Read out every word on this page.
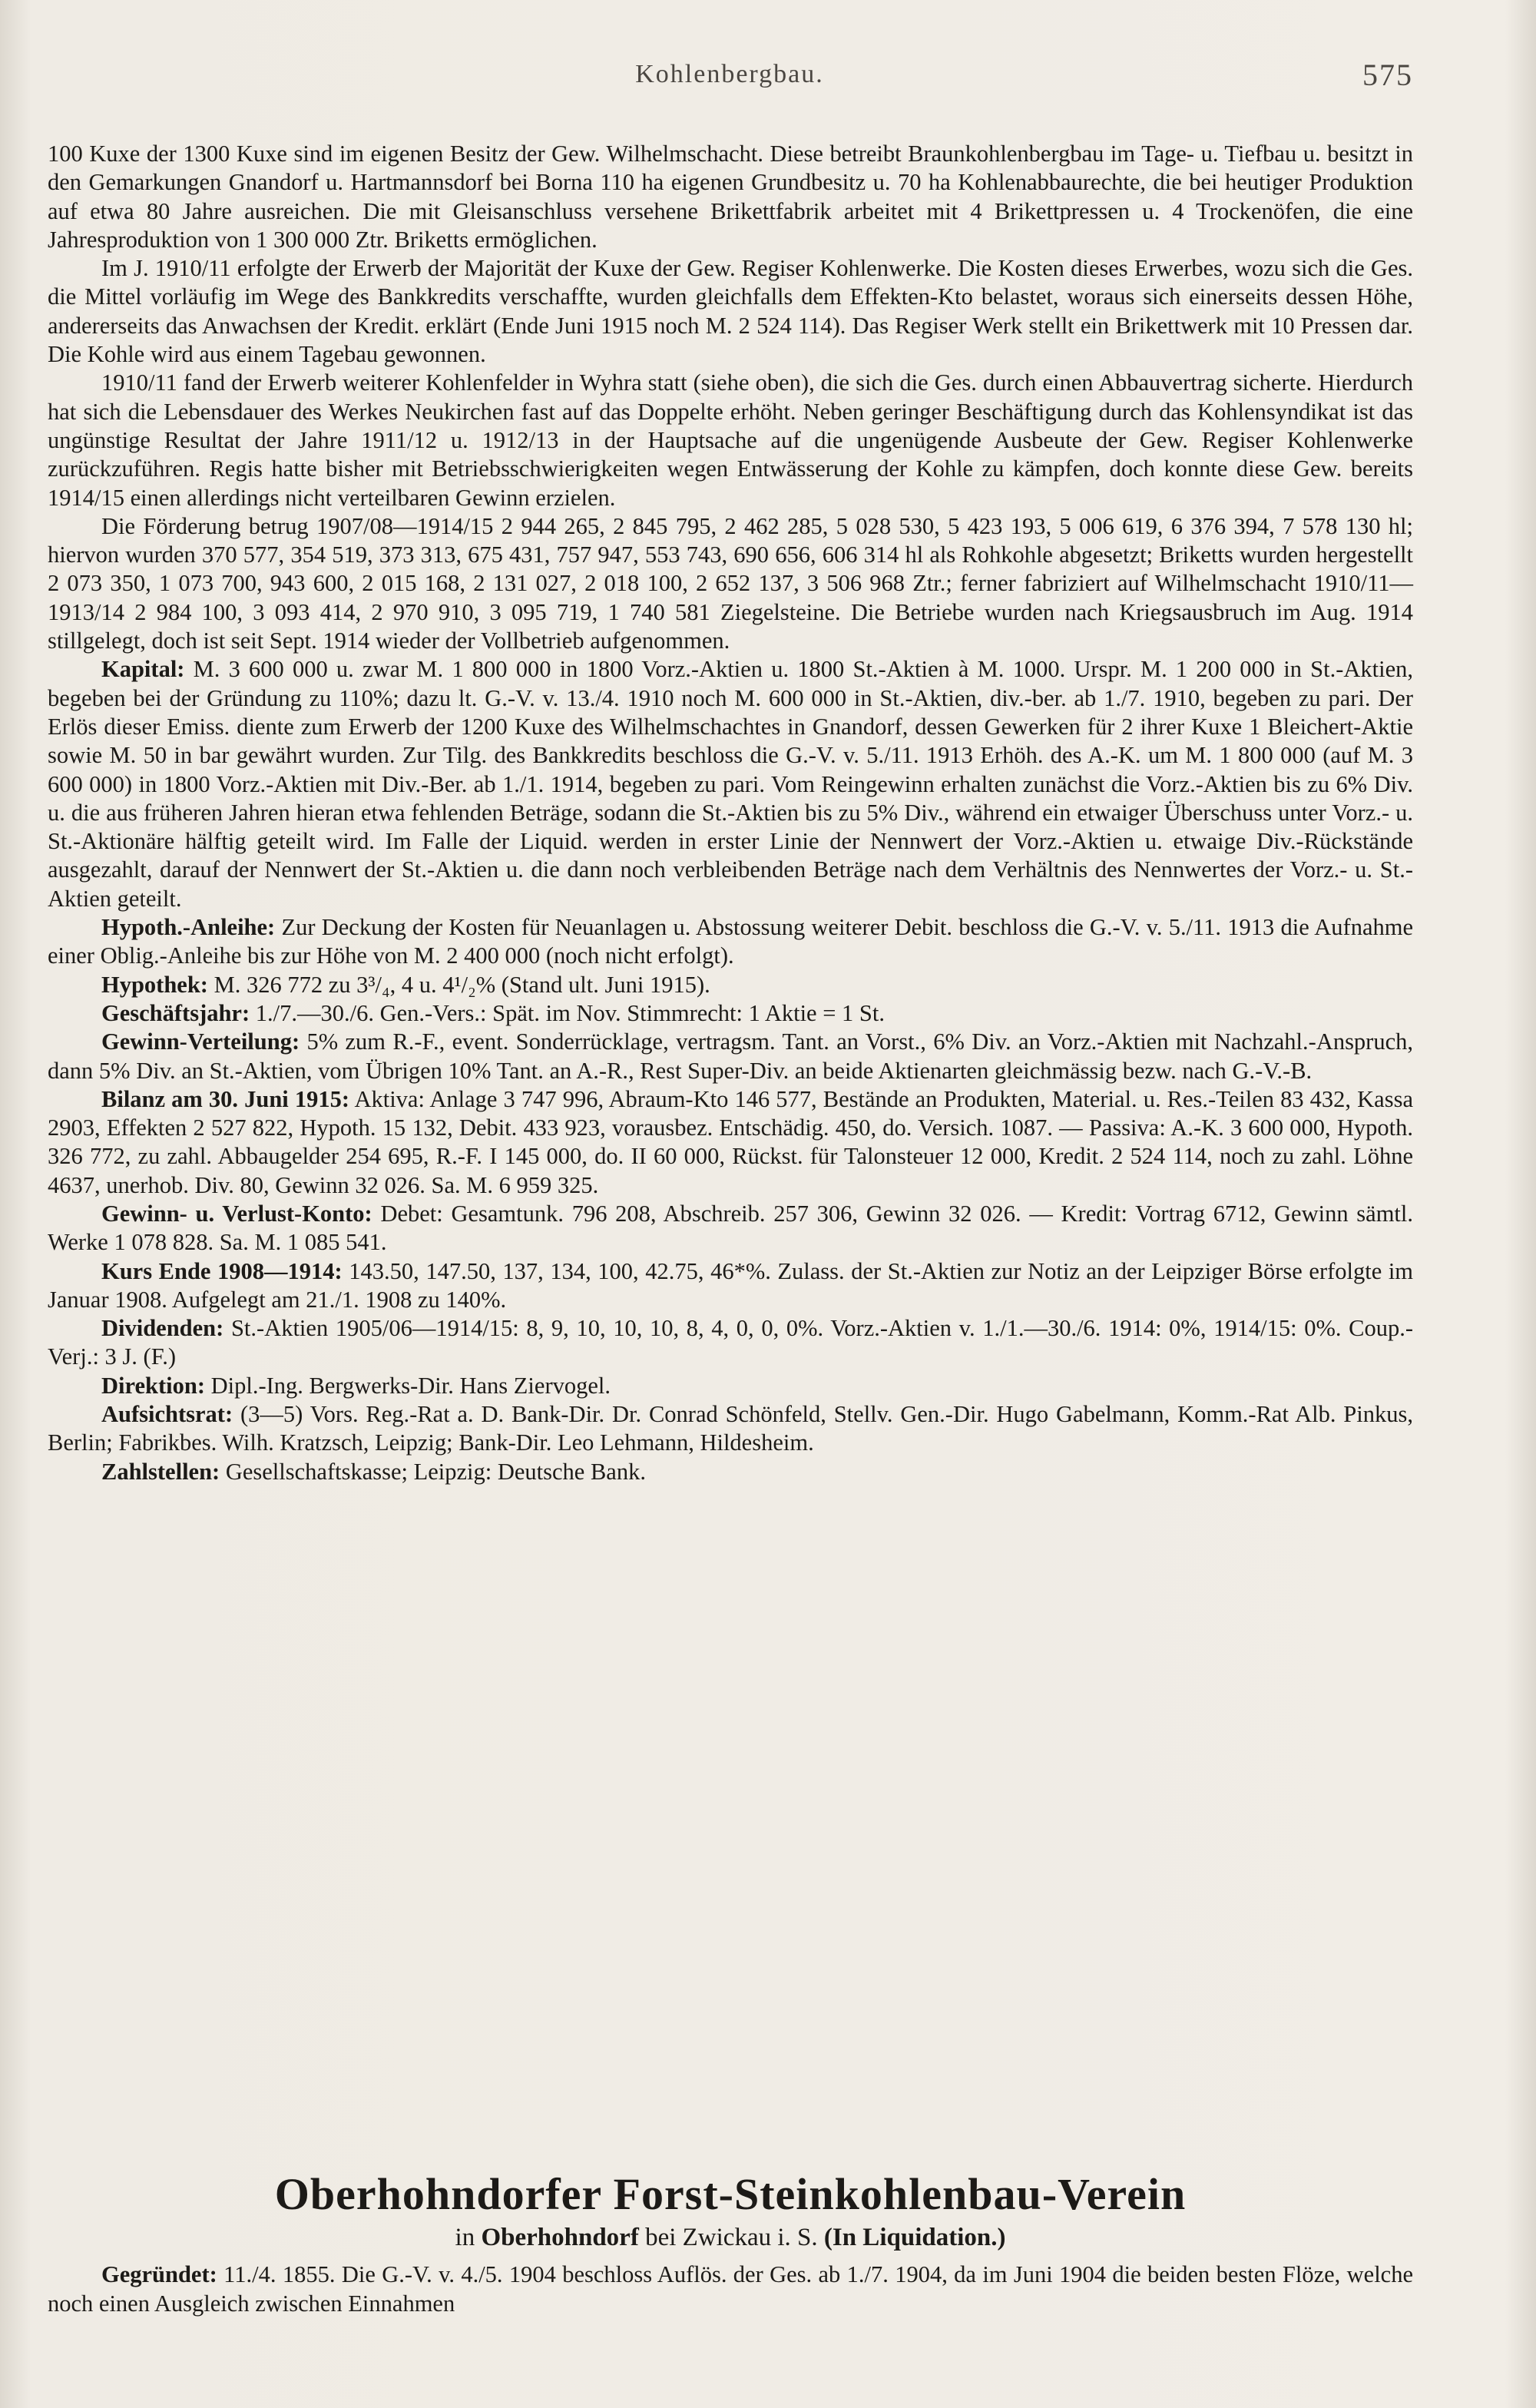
Kohlenbergbau.	575

100 Kuxe der 1300 Kuxe sind im eigenen Besitz der Gew. Wilhelmschacht. Diese betreibt Braunkohlenbergbau im Tage- u. Tiefbau u. besitzt in den Gemarkungen Gnandorf u. Hartmannsdorf bei Borna 110 ha eigenen Grundbesitz u. 70 ha Kohlenabbaurechte, die bei heutiger Produktion auf etwa 80 Jahre ausreichen. Die mit Gleisanschluss versehene Brikettfabrik arbeitet mit 4 Brikettpressen u. 4 Trockenöfen, die eine Jahresproduktion von 1 300 000 Ztr. Briketts ermöglichen.

Im J. 1910/11 erfolgte der Erwerb der Majorität der Kuxe der Gew. Regiser Kohlenwerke. Die Kosten dieses Erwerbes, wozu sich die Ges. die Mittel vorläufig im Wege des Bankkredits verschaffte, wurden gleichfalls dem Effekten-Kto belastet, woraus sich einerseits dessen Höhe, andererseits das Anwachsen der Kredit. erklärt (Ende Juni 1915 noch M. 2 524 114). Das Regiser Werk stellt ein Brikettwerk mit 10 Pressen dar. Die Kohle wird aus einem Tagebau gewonnen.

1910/11 fand der Erwerb weiterer Kohlenfelder in Wyhra statt (siehe oben), die sich die Ges. durch einen Abbauvertrag sicherte. Hierdurch hat sich die Lebensdauer des Werkes Neukirchen fast auf das Doppelte erhöht. Neben geringer Beschäftigung durch das Kohlensyndikat ist das ungünstige Resultat der Jahre 1911/12 u. 1912/13 in der Hauptsache auf die ungenügende Ausbeute der Gew. Regiser Kohlenwerke zurückzuführen. Regis hatte bisher mit Betriebsschwierigkeiten wegen Entwässerung der Kohle zu kämpfen, doch konnte diese Gew. bereits 1914/15 einen allerdings nicht verteilbaren Gewinn erzielen.

Die Förderung betrug 1907/08—1914/15 2 944 265, 2 845 795, 2 462 285, 5 028 530, 5 423 193, 5 006 619, 6 376 394, 7 578 130 hl; hiervon wurden 370 577, 354 519, 373 313, 675 431, 757 947, 553 743, 690 656, 606 314 hl als Rohkohle abgesetzt; Briketts wurden hergestellt 2 073 350, 1 073 700, 943 600, 2 015 168, 2 131 027, 2 018 100, 2 652 137, 3 506 968 Ztr.; ferner fabriziert auf Wilhelmschacht 1910/11—1913/14 2 984 100, 3 093 414, 2 970 910, 3 095 719, 1 740 581 Ziegelsteine. Die Betriebe wurden nach Kriegsausbruch im Aug. 1914 stillgelegt, doch ist seit Sept. 1914 wieder der Vollbetrieb aufgenommen.

Kapital: M. 3 600 000 u. zwar M. 1 800 000 in 1800 Vorz.-Aktien u. 1800 St.-Aktien à M. 1000. Urspr. M. 1 200 000 in St.-Aktien, begeben bei der Gründung zu 110%; dazu lt. G.-V. v. 13./4. 1910 noch M. 600 000 in St.-Aktien, div.-ber. ab 1./7. 1910, begeben zu pari. Der Erlös dieser Emiss. diente zum Erwerb der 1200 Kuxe des Wilhelmschachtes in Gnandorf, dessen Gewerken für 2 ihrer Kuxe 1 Bleichert-Aktie sowie M. 50 in bar gewährt wurden. Zur Tilg. des Bankkredits beschloss die G.-V. v. 5./11. 1913 Erhöh. des A.-K. um M. 1 800 000 (auf M. 3 600 000) in 1800 Vorz.-Aktien mit Div.-Ber. ab 1./1. 1914, begeben zu pari. Vom Reingewinn erhalten zunächst die Vorz.-Aktien bis zu 6% Div. u. die aus früheren Jahren hieran etwa fehlenden Beträge, sodann die St.-Aktien bis zu 5% Div., während ein etwaiger Überschuss unter Vorz.- u. St.-Aktionäre hälftig geteilt wird. Im Falle der Liquid. werden in erster Linie der Nennwert der Vorz.-Aktien u. etwaige Div.-Rückstände ausgezahlt, darauf der Nennwert der St.-Aktien u. die dann noch verbleibenden Beträge nach dem Verhältnis des Nennwertes der Vorz.- u. St.-Aktien geteilt.

Hypoth.-Anleihe: Zur Deckung der Kosten für Neuanlagen u. Abstossung weiterer Debit. beschloss die G.-V. v. 5./11. 1913 die Aufnahme einer Oblig.-Anleihe bis zur Höhe von M. 2 400 000 (noch nicht erfolgt).

Hypothek: M. 326 772 zu 3³/₄, 4 u. 4¹/₂% (Stand ult. Juni 1915).

Geschäftsjahr: 1./7.—30./6. Gen.-Vers.: Spät. im Nov. Stimmrecht: 1 Aktie = 1 St.

Gewinn-Verteilung: 5% zum R.-F., event. Sonderrücklage, vertragsm. Tant. an Vorst., 6% Div. an Vorz.-Aktien mit Nachzahl.-Anspruch, dann 5% Div. an St.-Aktien, vom Übrigen 10% Tant. an A.-R., Rest Super-Div. an beide Aktienarten gleichmässig bezw. nach G.-V.-B.

Bilanz am 30. Juni 1915: Aktiva: Anlage 3 747 996, Abraum-Kto 146 577, Bestände an Produkten, Material. u. Res.-Teilen 83 432, Kassa 2903, Effekten 2 527 822, Hypoth. 15 132, Debit. 433 923, vorausbez. Entschädig. 450, do. Versich. 1087. — Passiva: A.-K. 3 600 000, Hypoth. 326 772, zu zahl. Abbaugelder 254 695, R.-F. I 145 000, do. II 60 000, Rückst. für Talonsteuer 12 000, Kredit. 2 524 114, noch zu zahl. Löhne 4637, unerhob. Div. 80, Gewinn 32 026. Sa. M. 6 959 325.

Gewinn- u. Verlust-Konto: Debet: Gesamtunk. 796 208, Abschreib. 257 306, Gewinn 32 026. — Kredit: Vortrag 6712, Gewinn sämtl. Werke 1 078 828. Sa. M. 1 085 541.

Kurs Ende 1908—1914: 143.50, 147.50, 137, 134, 100, 42.75, 46*%. Zulass. der St.-Aktien zur Notiz an der Leipziger Börse erfolgte im Januar 1908. Aufgelegt am 21./1. 1908 zu 140%.

Dividenden: St.-Aktien 1905/06—1914/15: 8, 9, 10, 10, 10, 8, 4, 0, 0, 0%. Vorz.-Aktien v. 1./1.—30./6. 1914: 0%, 1914/15: 0%. Coup.-Verj.: 3 J. (F.)

Direktion: Dipl.-Ing. Bergwerks-Dir. Hans Ziervogel.

Aufsichtsrat: (3—5) Vors. Reg.-Rat a. D. Bank-Dir. Dr. Conrad Schönfeld, Stellv. Gen.-Dir. Hugo Gabelmann, Komm.-Rat Alb. Pinkus, Berlin; Fabrikbes. Wilh. Kratzsch, Leipzig; Bank-Dir. Leo Lehmann, Hildesheim.

Zahlstellen: Gesellschaftskasse; Leipzig: Deutsche Bank.

Oberhohndorfer Forst-Steinkohlenbau-Verein
in Oberhohndorf bei Zwickau i. S. (In Liquidation.)

Gegründet: 11./4. 1855. Die G.-V. v. 4./5. 1904 beschloss Auflös. der Ges. ab 1./7. 1904, da im Juni 1904 die beiden besten Flöze, welche noch einen Ausgleich zwischen Einnahmen
